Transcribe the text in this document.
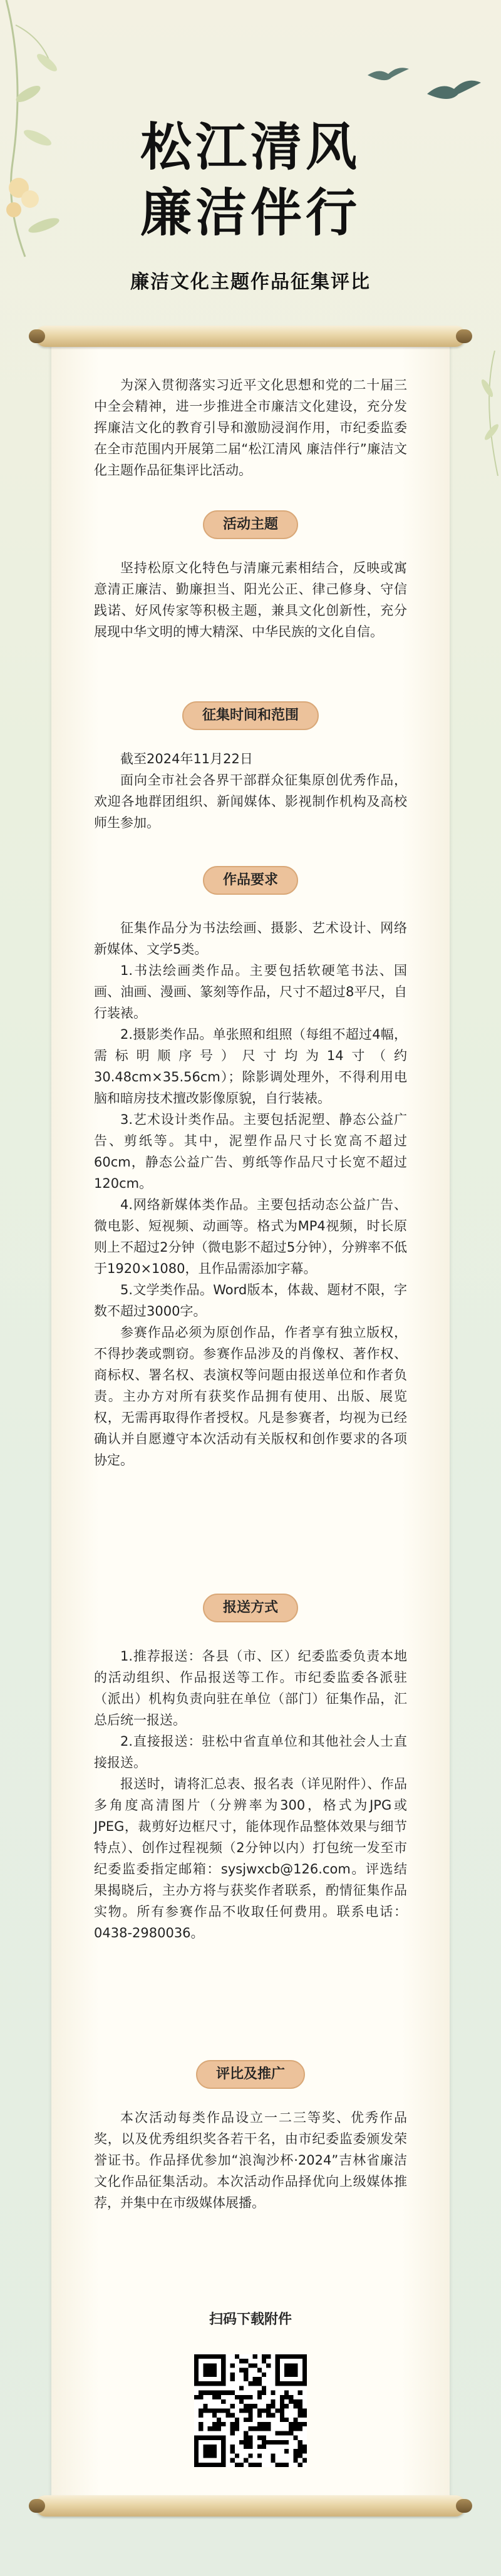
松江清风
廉洁伴行
廉洁文化主题作品征集评比

为深入贯彻落实习近平文化思想和党的二十届三中全会精神，进一步推进全市廉洁文化建设，充分发挥廉洁文化的教育引导和激励浸润作用，市纪委监委在全市范围内开展第二届“松江清风 廉洁伴行”廉洁文化主题作品征集评比活动。

活动主题

坚持松原文化特色与清廉元素相结合，反映或寓意清正廉洁、勤廉担当、阳光公正、律己修身、守信践诺、好风传家等积极主题，兼具文化创新性，充分展现中华文明的博大精深、中华民族的文化自信。

征集时间和范围

截至2024年11月22日

面向全市社会各界干部群众征集原创优秀作品，欢迎各地群团组织、新闻媒体、影视制作机构及高校师生参加。

作品要求

征集作品分为书法绘画、摄影、艺术设计、网络新媒体、文学5类。

1.书法绘画类作品。主要包括软硬笔书法、国画、油画、漫画、篆刻等作品，尺寸不超过8平尺，自行装裱。

2.摄影类作品。单张照和组照（每组不超过4幅，需标明顺序号）尺寸均为14寸（约30.48cm×35.56cm）；除影调处理外，不得利用电脑和暗房技术擅改影像原貌，自行装裱。

3.艺术设计类作品。主要包括泥塑、静态公益广告、剪纸等。其中，泥塑作品尺寸长宽高不超过60cm，静态公益广告、剪纸等作品尺寸长宽不超过120cm。

4.网络新媒体类作品。主要包括动态公益广告、微电影、短视频、动画等。格式为MP4视频，时长原则上不超过2分钟（微电影不超过5分钟），分辨率不低于1920×1080，且作品需添加字幕。

5.文学类作品。Word版本，体裁、题材不限，字数不超过3000字。

参赛作品必须为原创作品，作者享有独立版权，不得抄袭或剽窃。参赛作品涉及的肖像权、著作权、商标权、署名权、表演权等问题由报送单位和作者负责。主办方对所有获奖作品拥有使用、出版、展览权，无需再取得作者授权。凡是参赛者，均视为已经确认并自愿遵守本次活动有关版权和创作要求的各项协定。

报送方式

1.推荐报送：各县（市、区）纪委监委负责本地的活动组织、作品报送等工作。市纪委监委各派驻（派出）机构负责向驻在单位（部门）征集作品，汇总后统一报送。

2.直接报送：驻松中省直单位和其他社会人士直接报送。

报送时，请将汇总表、报名表（详见附件）、作品多角度高清图片（分辨率为300，格式为JPG或JPEG，裁剪好边框尺寸，能体现作品整体效果与细节特点）、创作过程视频（2分钟以内）打包统一发至市纪委监委指定邮箱：sysjwxcb@126.com。评选结果揭晓后，主办方将与获奖作者联系，酌情征集作品实物。所有参赛作品不收取任何费用。联系电话：0438-2980036。

评比及推广

本次活动每类作品设立一二三等奖、优秀作品奖，以及优秀组织奖各若干名，由市纪委监委颁发荣誉证书。作品择优参加“浪淘沙杯·2024”吉林省廉洁文化作品征集活动。本次活动作品择优向上级媒体推荐，并集中在市级媒体展播。

扫码下载附件
